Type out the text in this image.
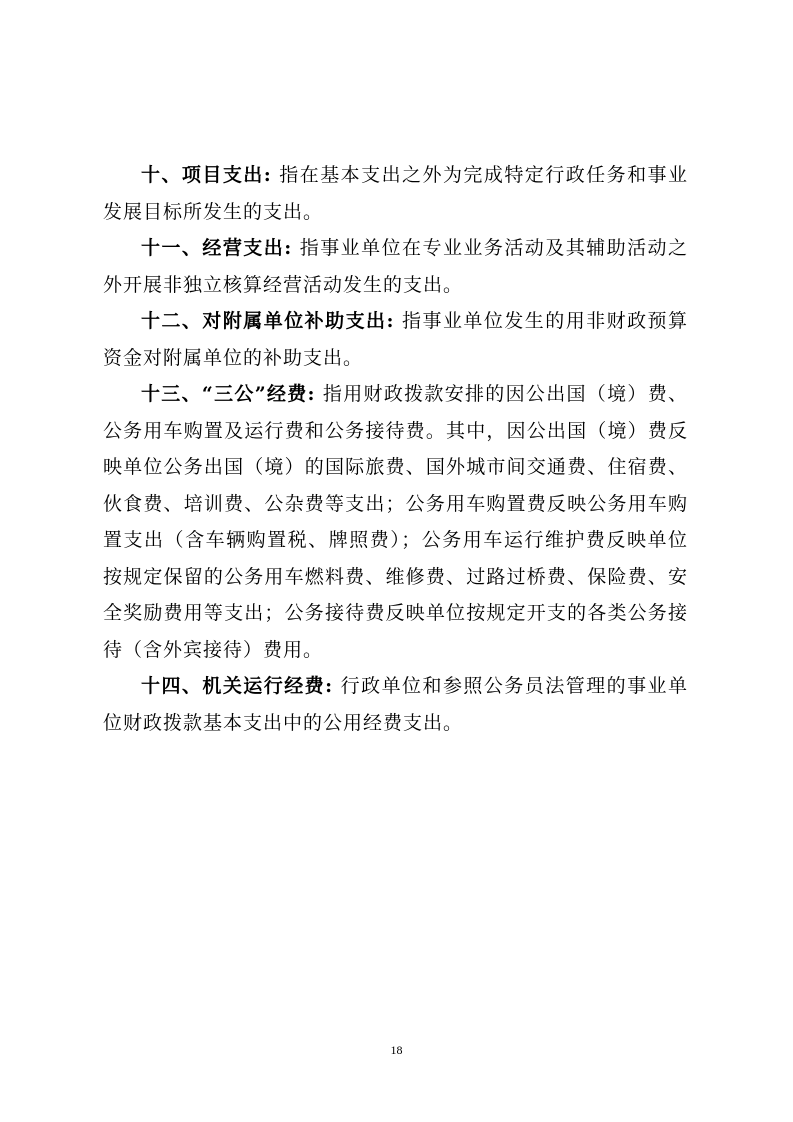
十、项目支出: 指在基本支出之外为完成特定行政任务和事业发展目标所发生的支出。

十一、经营支出: 指事业单位在专业业务活动及其辅助活动之外开展非独立核算经营活动发生的支出。

十二、对附属单位补助支出: 指事业单位发生的用非财政预算资金对附属单位的补助支出。

十三、“三公”经费: 指用财政拨款安排的因公出国（境）费、公务用车购置及运行费和公务接待费。其中，因公出国（境）费反映单位公务出国（境）的国际旅费、国外城市间交通费、住宿费、伙食费、培训费、公杂费等支出；公务用车购置费反映公务用车购置支出（含车辆购置税、牌照费）；公务用车运行维护费反映单位按规定保留的公务用车燃料费、维修费、过路过桥费、保险费、安全奖励费用等支出；公务接待费反映单位按规定开支的各类公务接待（含外宾接待）费用。

十四、机关运行经费: 行政单位和参照公务员法管理的事业单位财政拨款基本支出中的公用经费支出。

18
